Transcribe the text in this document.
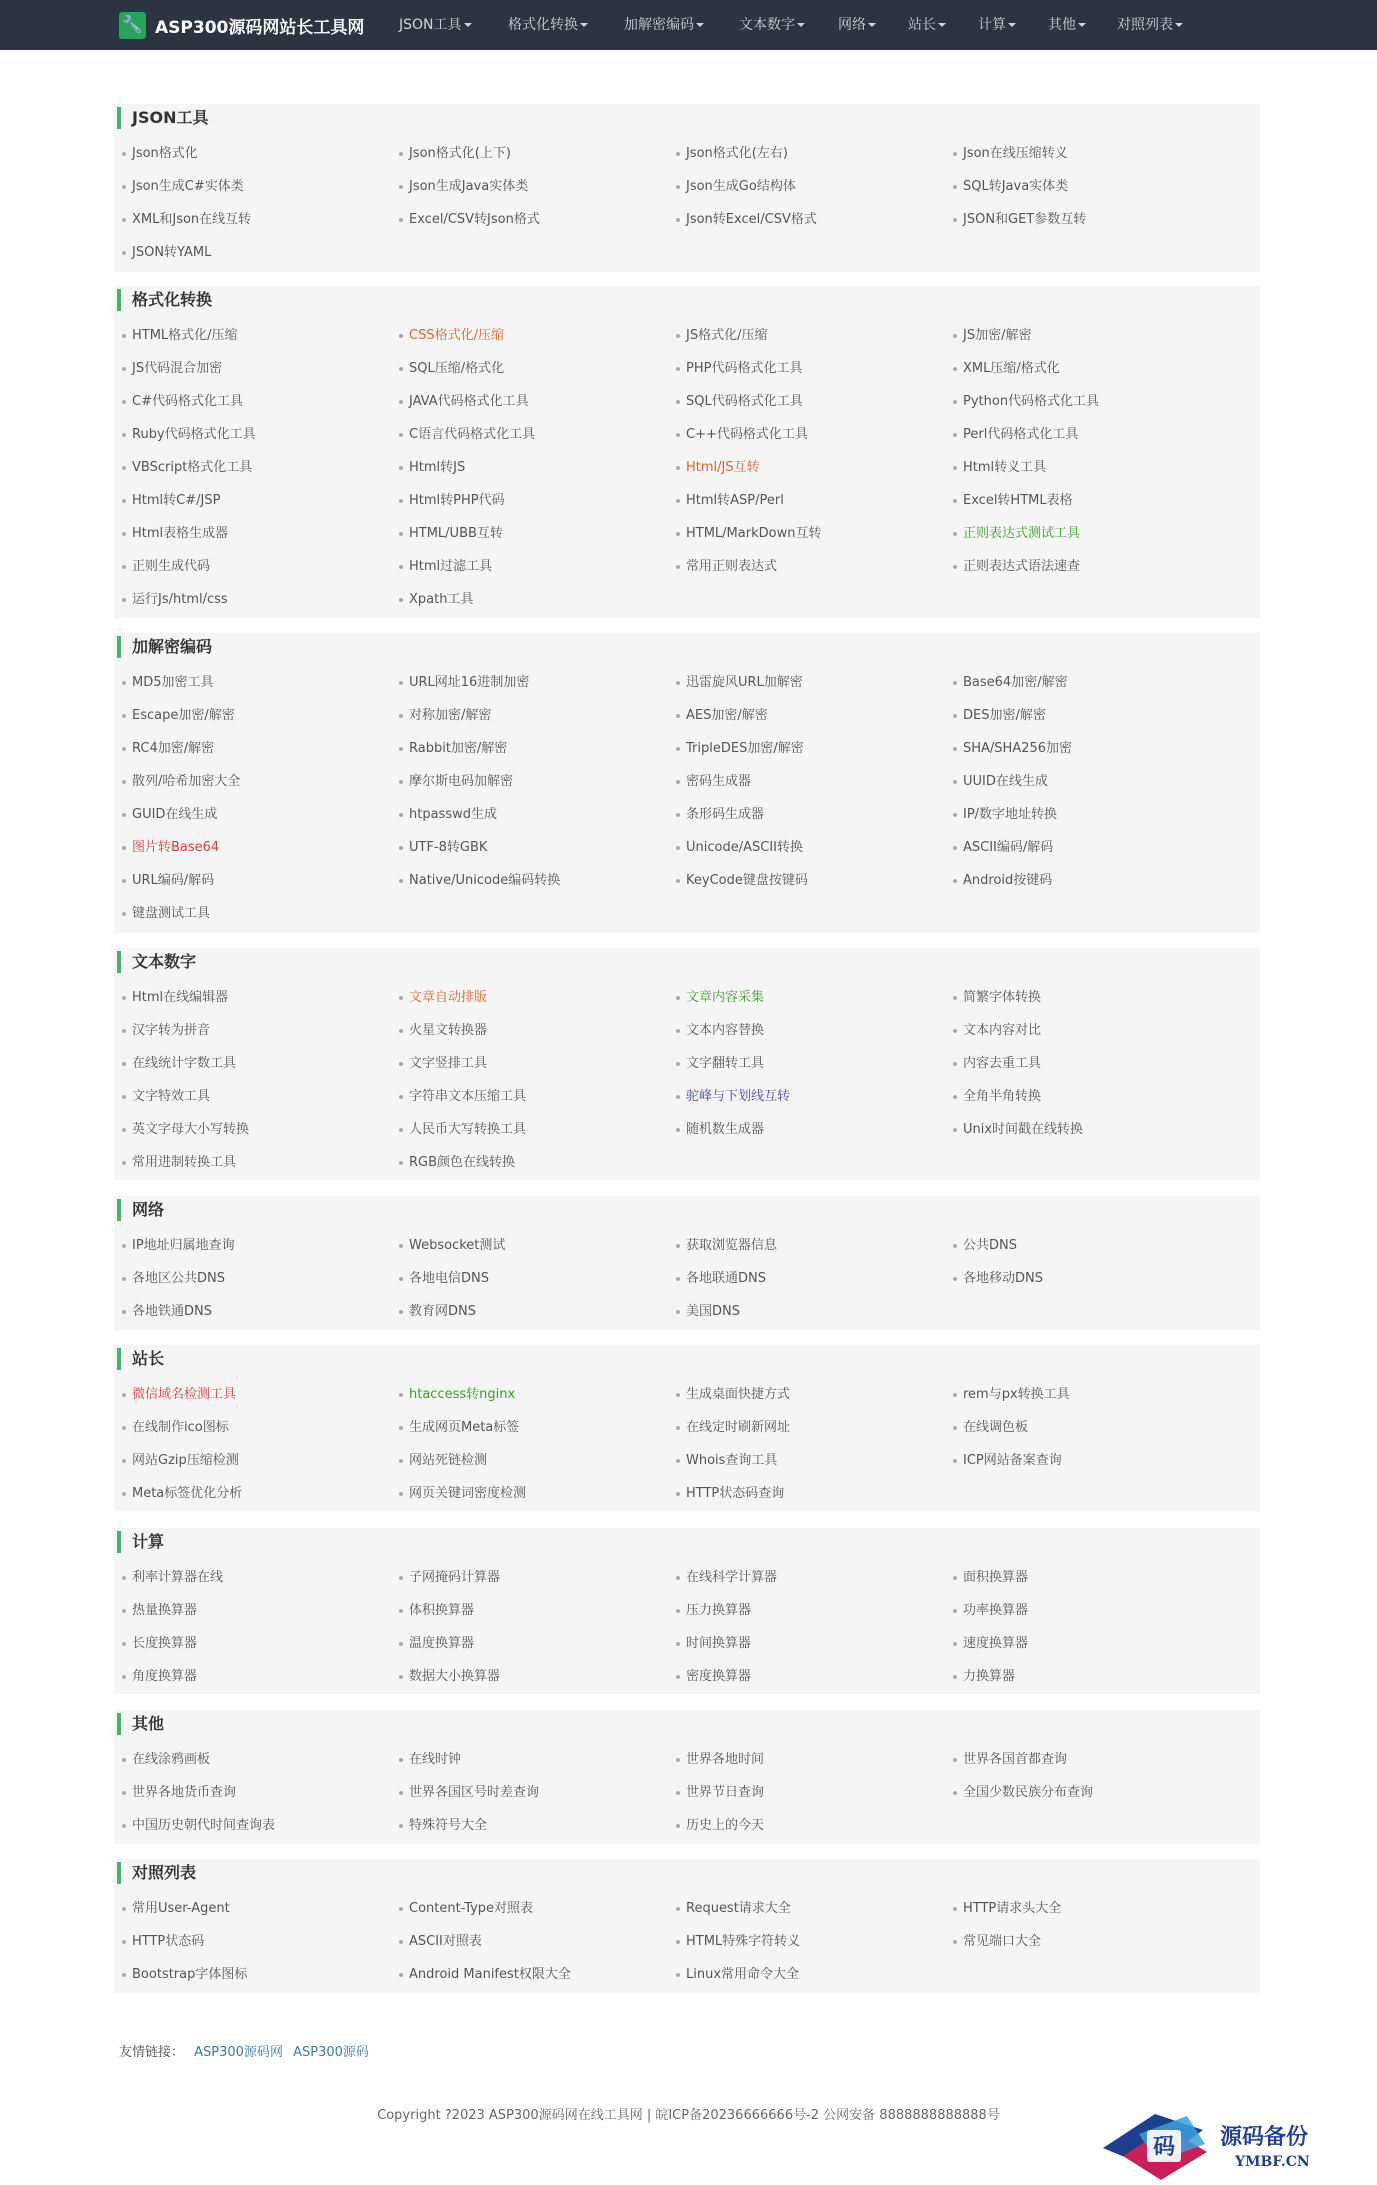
🔧 ASP300源码网站长工具网 JSON工具	格式化转换	加解密编码	文本数字	网络	站长	计算	其他	对照列表
JSON工具
Json格式化	Json格式化(上下)	Json格式化(左右)	Json在线压缩转义
Json生成C#实体类	Json生成Java实体类	Json生成Go结构体	SQL转Java实体类
XML和Json在线互转	Excel/CSV转Json格式	Json转Excel/CSV格式	JSON和GET参数互转
JSON转YAML
格式化转换
HTML格式化/压缩	CSS格式化/压缩	JS格式化/压缩	JS加密/解密
JS代码混合加密	SQL压缩/格式化	PHP代码格式化工具	XML压缩/格式化
C#代码格式化工具	JAVA代码格式化工具	SQL代码格式化工具	Python代码格式化工具
Ruby代码格式化工具	C语言代码格式化工具	C++代码格式化工具	Perl代码格式化工具
VBScript格式化工具	Html转JS	Html/JS互转	Html转义工具
Html转C#/JSP	Html转PHP代码	Html转ASP/Perl	Excel转HTML表格
Html表格生成器	HTML/UBB互转	HTML/MarkDown互转	正则表达式测试工具
正则生成代码	Html过滤工具	常用正则表达式	正则表达式语法速查
运行Js/html/css	Xpath工具
加解密编码
MD5加密工具	URL网址16进制加密	迅雷旋风URL加解密	Base64加密/解密
Escape加密/解密	对称加密/解密	AES加密/解密	DES加密/解密
RC4加密/解密	Rabbit加密/解密	TripleDES加密/解密	SHA/SHA256加密
散列/哈希加密大全	摩尔斯电码加解密	密码生成器	UUID在线生成
GUID在线生成	htpasswd生成	条形码生成器	IP/数字地址转换
图片转Base64	UTF-8转GBK	Unicode/ASCII转换	ASCII编码/解码
URL编码/解码	Native/Unicode编码转换	KeyCode键盘按键码	Android按键码
键盘测试工具
文本数字
Html在线编辑器	文章自动排版	文章内容采集	简繁字体转换
汉字转为拼音	火星文转换器	文本内容替换	文本内容对比
在线统计字数工具	文字竖排工具	文字翻转工具	内容去重工具
文字特效工具	字符串文本压缩工具	驼峰与下划线互转	全角半角转换
英文字母大小写转换	人民币大写转换工具	随机数生成器	Unix时间戳在线转换
常用进制转换工具	RGB颜色在线转换
网络
IP地址归属地查询	Websocket测试	获取浏览器信息	公共DNS
各地区公共DNS	各地电信DNS	各地联通DNS	各地移动DNS
各地铁通DNS	教育网DNS	美国DNS
站长
微信域名检测工具	htaccess转nginx	生成桌面快捷方式	rem与px转换工具
在线制作ico图标	生成网页Meta标签	在线定时刷新网址	在线调色板
网站Gzip压缩检测	网站死链检测	Whois查询工具	ICP网站备案查询
Meta标签优化分析	网页关键词密度检测	HTTP状态码查询
计算
利率计算器在线	子网掩码计算器	在线科学计算器	面积换算器
热量换算器	体积换算器	压力换算器	功率换算器
长度换算器	温度换算器	时间换算器	速度换算器
角度换算器	数据大小换算器	密度换算器	力换算器
其他
在线涂鸦画板	在线时钟	世界各地时间	世界各国首都查询
世界各地货币查询	世界各国区号时差查询	世界节日查询	全国少数民族分布查询
中国历史朝代时间查询表	特殊符号大全	历史上的今天
对照列表
常用User-Agent	Content-Type对照表	Request请求大全	HTTP请求头大全
HTTP状态码	ASCII对照表	HTML特殊字符转义	常见端口大全
Bootstrap字体图标	Android Manifest权限大全	Linux常用命令大全
友情链接： ASP300源码网 ASP300源码
Copyright ?2023 ASP300源码网在线工具网 | 皖ICP备20236666666号-2 公网安备 8888888888888号
码 源码备份
YMBF.CN
